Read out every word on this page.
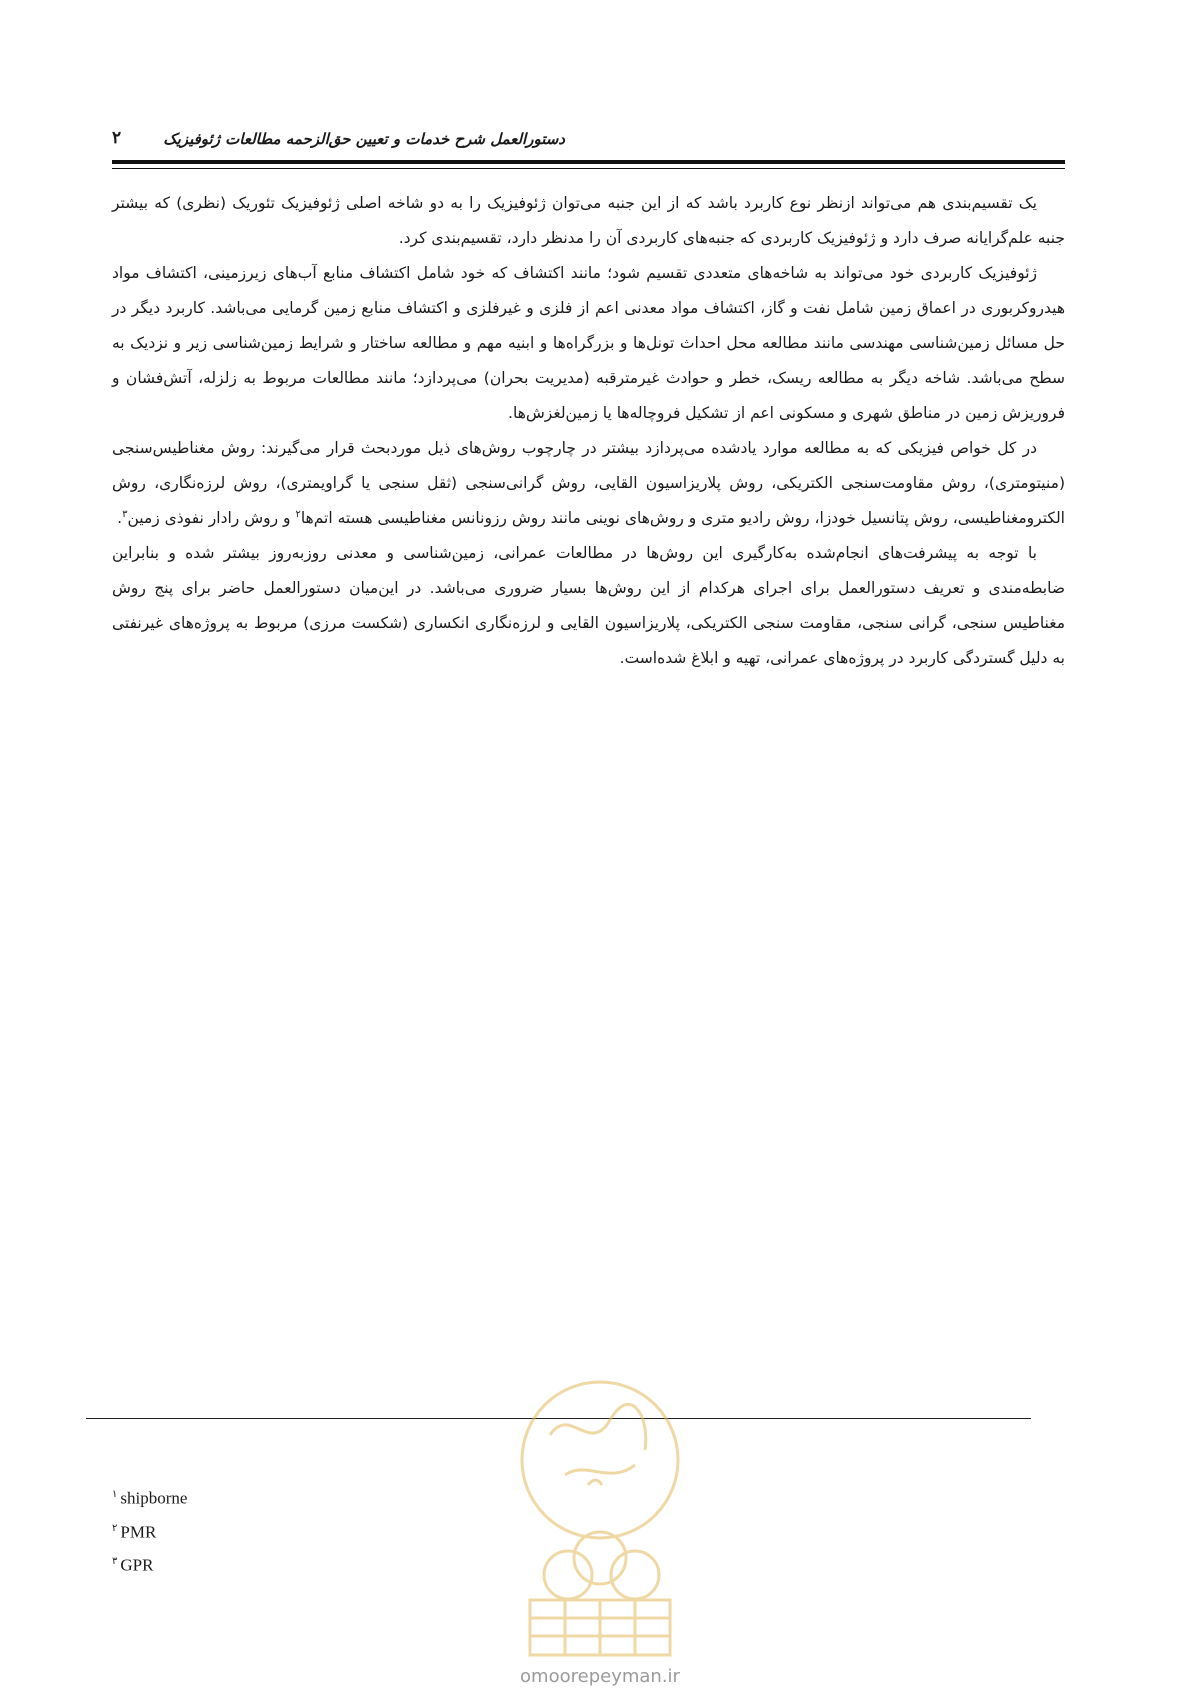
دستورالعمل شرح خدمات و تعیین حق‌الزحمه مطالعات ژئوفیزیک
۲

یک تقسیم‌بندی هم می‌تواند ازنظر نوع کاربرد باشد که از این جنبه می‌توان ژئوفیزیک را به دو شاخه اصلی ژئوفیزیک تئوریک (نظری) که بیشتر جنبه علم‌گرایانه صرف دارد و ژئوفیزیک کاربردی که جنبه‌های کاربردی آن را مدنظر دارد، تقسیم‌بندی کرد.

ژئوفیزیک کاربردی خود می‌تواند به شاخه‌های متعددی تقسیم شود؛ مانند اکتشاف که خود شامل اکتشاف منابع آب‌های زیرزمینی، اکتشاف مواد هیدروکربوری در اعماق زمین شامل نفت و گاز، اکتشاف مواد معدنی اعم از فلزی و غیرفلزی و اکتشاف منابع زمین گرمایی می‌باشد. کاربرد دیگر در حل مسائل زمین‌شناسی مهندسی مانند مطالعه محل احداث تونل‌ها و بزرگراه‌ها و ابنیه مهم و مطالعه ساختار و شرایط زمین‌شناسی زیر و نزدیک به سطح می‌باشد. شاخه دیگر به مطالعه ریسک، خطر و حوادث غیرمترقبه (مدیریت بحران) می‌پردازد؛ مانند مطالعات مربوط به زلزله، آتش‌فشان و فروریزش زمین در مناطق شهری و مسکونی اعم از تشکیل فروچاله‌ها یا زمین‌لغزش‌ها.

در کل خواص فیزیکی که به مطالعه موارد یادشده می‌پردازد بیشتر در چارچوب روش‌های ذیل موردبحث قرار می‌گیرند: روش مغناطیس‌سنجی (منیتومتری)، روش مقاومت‌سنجی الکتریکی، روش پلاریزاسیون القایی، روش گرانی‌سنجی (ثقل سنجی یا گراویمتری)، روش لرزه‌نگاری، روش الکترومغناطیسی، روش پتانسیل خودزا، روش رادیو متری و روش‌های نوینی مانند روش رزونانس مغناطیسی هسته اتم‌ها$^۲$ و روش رادار نفوذی زمین$^۳$.

با توجه به پیشرفت‌های انجام‌شده به‌کارگیری این روش‌ها در مطالعات عمرانی، زمین‌شناسی و معدنی روزبه‌روز بیشتر شده و بنابراین ضابطه‌مندی و تعریف دستورالعمل برای اجرای هرکدام از این روش‌ها بسیار ضروری می‌باشد. در این‌میان دستورالعمل حاضر برای پنج روش مغناطیس سنجی، گرانی سنجی، مقاومت سنجی الکتریکی، پلاریزاسیون القایی و لرزه‌نگاری انکساری (شکست مرزی) مربوط به پروژه‌های غیرنفتی به دلیل گستردگی کاربرد در پروژه‌های عمرانی، تهیه و ابلاغ شده‌است.

$^۱$ shipborne
$^۲$ PMR
$^۳$ GPR
omoorepeyman.ir
